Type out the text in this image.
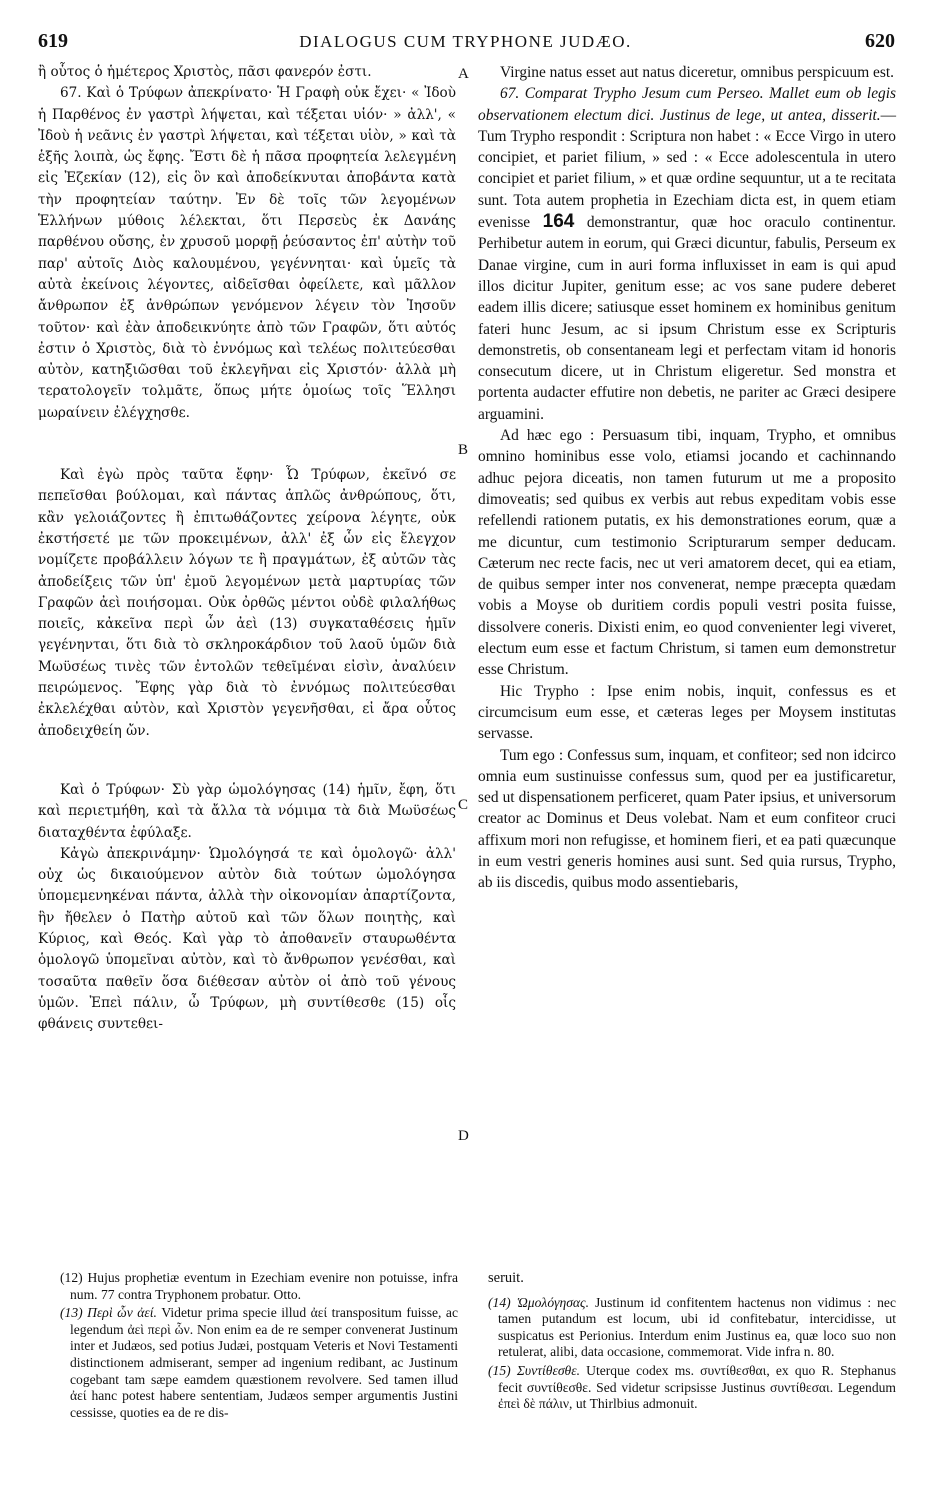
619	DIALOGUS CUM TRYPHONE JUDÆO.	620
A
B
C
D

ἢ οὗτος ὁ ἡμέτερος Χριστὸς, πᾶσι φανερόν ἐστι.

67. Καὶ ὁ Τρύφων ἀπεκρίνατο· Ἡ Γραφὴ οὐκ ἔχει· « Ἰδοὺ ἡ Παρθένος ἐν γαστρὶ λήψεται, καὶ τέξεται υἱόν· » ἀλλ', « Ἰδοὺ ἡ νεᾶνις ἐν γαστρὶ λήψεται, καὶ τέξεται υἱὸν, » καὶ τὰ ἑξῆς λοιπὰ, ὡς ἔφης. Ἔστι δὲ ἡ πᾶσα προφητεία λελεγμένη εἰς Ἐζεκίαν (12), εἰς ὃν καὶ ἀποδείκνυται ἀποβάντα κατὰ τὴν προφητείαν ταύτην. Ἐν δὲ τοῖς τῶν λεγομένων Ἑλλήνων μύθοις λέλεκται, ὅτι Περσεὺς ἐκ Δανάης παρθένου οὔσης, ἐν χρυσοῦ μορφῇ ῥεύσαντος ἐπ' αὐτὴν τοῦ παρ' αὐτοῖς Διὸς καλουμένου, γεγέννηται· καὶ ὑμεῖς τὰ αὐτὰ ἐκείνοις λέγοντες, αἰδεῖσθαι ὀφείλετε, καὶ μᾶλλον ἄνθρωπον ἐξ ἀνθρώπων γενόμενον λέγειν τὸν Ἰησοῦν τοῦτον· καὶ ἐὰν ἀποδεικνύητε ἀπὸ τῶν Γραφῶν, ὅτι αὐτός ἐστιν ὁ Χριστὸς, διὰ τὸ ἐννόμως καὶ τελέως πολιτεύεσθαι αὐτὸν, κατηξιῶσθαι τοῦ ἐκλεγῆναι εἰς Χριστόν· ἀλλὰ μὴ τερατολογεῖν τολμᾶτε, ὅπως μήτε ὁμοίως τοῖς Ἕλλησι μωραίνειν ἐλέγχησθε.

Καὶ ἐγὼ πρὸς ταῦτα ἔφην· Ὦ Τρύφων, ἐκεῖνό σε πεπεῖσθαι βούλομαι, καὶ πάντας ἁπλῶς ἀνθρώπους, ὅτι, κἂν γελοιάζοντες ἢ ἐπιτωθάζοντες χείρονα λέγητε, οὐκ ἐκστήσετέ με τῶν προκειμένων, ἀλλ' ἐξ ὧν εἰς ἔλεγχον νομίζετε προβάλλειν λόγων τε ἢ πραγμάτων, ἐξ αὐτῶν τὰς ἀποδείξεις τῶν ὑπ' ἐμοῦ λεγομένων μετὰ μαρτυρίας τῶν Γραφῶν ἀεὶ ποιήσομαι. Οὐκ ὀρθῶς μέντοι οὐδὲ φιλαλήθως ποιεῖς, κἀκεῖνα περὶ ὧν ἀεὶ (13) συγκαταθέσεις ἡμῖν γεγένηνται, ὅτι διὰ τὸ σκληροκάρδιον τοῦ λαοῦ ὑμῶν διὰ Μωϋσέως τινὲς τῶν ἐντολῶν τεθεῖμέναι εἰσὶν, ἀναλύειν πειρώμενος. Ἔφης γὰρ διὰ τὸ ἐννόμως πολιτεύεσθαι ἐκλελέχθαι αὐτὸν, καὶ Χριστὸν γεγενῆσθαι, εἰ ἄρα οὗτος ἀποδειχθείη ὤν.

Καὶ ὁ Τρύφων· Σὺ γὰρ ὡμολόγησας (14) ἡμῖν, ἔφη, ὅτι καὶ περιετμήθη, καὶ τὰ ἄλλα τὰ νόμιμα τὰ διὰ Μωϋσέως διαταχθέντα ἐφύλαξε.

Κἀγὼ ἀπεκρινάμην· Ὡμολόγησά τε καὶ ὁμολογῶ· ἀλλ' οὐχ ὡς δικαιούμενον αὐτὸν διὰ τούτων ὡμολόγησα ὑπομεμενηκέναι πάντα, ἀλλὰ τὴν οἰκονομίαν ἀπαρτίζοντα, ἣν ἤθελεν ὁ Πατὴρ αὐτοῦ καὶ τῶν ὅλων ποιητὴς, καὶ Κύριος, καὶ Θεός. Καὶ γὰρ τὸ ἀποθανεῖν σταυρωθέντα ὁμολογῶ ὑπομεῖναι αὐτὸν, καὶ τὸ ἄνθρωπον γενέσθαι, καὶ τοσαῦτα παθεῖν ὅσα διέθεσαν αὐτὸν οἱ ἀπὸ τοῦ γένους ὑμῶν. Ἐπεὶ πάλιν, ὦ Τρύφων, μὴ συντίθεσθε (15) οἷς φθάνεις συντεθει-

Virgine natus esset aut natus diceretur, omnibus perspicuum est.

67. Comparat Trypho Jesum cum Perseo. Mallet eum ob legis observationem electum dici. Justinus de lege, ut antea, disserit.— Tum Trypho respondit : Scriptura non habet : « Ecce Virgo in utero concipiet, et pariet filium, » sed : « Ecce adolescentula in utero concipiet et pariet filium, » et quæ ordine sequuntur, ut a te recitata sunt. Tota autem prophetia in Ezechiam dicta est, in quem etiam evenisse 164 demonstrantur, quæ hoc oraculo continentur. Perhibetur autem in eorum, qui Græci dicuntur, fabulis, Perseum ex Danae virgine, cum in auri forma influxisset in eam is qui apud illos dicitur Jupiter, genitum esse; ac vos sane pudere deberet eadem illis dicere; satiusque esset hominem ex hominibus genitum fateri hunc Jesum, ac si ipsum Christum esse ex Scripturis demonstretis, ob consentaneam legi et perfectam vitam id honoris consecutum dicere, ut in Christum eligeretur. Sed monstra et portenta audacter effutire non debetis, ne pariter ac Græci desipere arguamini.

Ad hæc ego : Persuasum tibi, inquam, Trypho, et omnibus omnino hominibus esse volo, etiamsi jocando et cachinnando adhuc pejora diceatis, non tamen futurum ut me a proposito dimoveatis; sed quibus ex verbis aut rebus expeditam vobis esse refellendi rationem putatis, ex his demonstrationes eorum, quæ a me dicuntur, cum testimonio Scripturarum semper deducam. Cæterum nec recte facis, nec ut veri amatorem decet, qui ea etiam, de quibus semper inter nos convenerat, nempe præcepta quædam vobis a Moyse ob duritiem cordis populi vestri posita fuisse, dissolvere coneris. Dixisti enim, eo quod convenienter legi viveret, electum eum esse et factum Christum, si tamen eum demonstretur esse Christum.

Hic Trypho : Ipse enim nobis, inquit, confessus es et circumcisum eum esse, et cæteras leges per Moysem institutas servasse.

Tum ego : Confessus sum, inquam, et confiteor; sed non idcirco omnia eum sustinuisse confessus sum, quod per ea justificaretur, sed ut dispensationem perficeret, quam Pater ipsius, et universorum creator ac Dominus et Deus volebat. Nam et eum confiteor cruci affixum mori non refugisse, et hominem fieri, et ea pati quæcunque in eum vestri generis homines ausi sunt. Sed quia rursus, Trypho, ab iis discedis, quibus modo assentiebaris,

(12) Hujus prophetiæ eventum in Ezechiam evenire non potuisse, infra num. 77 contra Tryphonem probatur. Otto.

(13) Περὶ ὧν ἀεί. Videtur prima specie illud ἀεί transpositum fuisse, ac legendum ἀεὶ περὶ ὧν. Non enim ea de re semper convenerat Justinum inter et Judæos, sed potius Judæi, postquam Veteris et Novi Testamenti distinctionem admiserant, semper ad ingenium redibant, ac Justinum cogebant tam sæpe eamdem quæstionem revolvere. Sed tamen illud ἀεί hanc potest habere sententiam, Judæos semper argumentis Justini cessisse, quoties ea de re dis-

seruit.

(14) Ὡμολόγησας. Justinum id confitentem hactenus non vidimus : nec tamen putandum est locum, ubi id confitebatur, intercidisse, ut suspicatus est Perionius. Interdum enim Justinus ea, quæ loco suo non retulerat, alibi, data occasione, commemorat. Vide infra n. 80.

(15) Συντίθεσθε. Uterque codex ms. συντίθεσθαι, ex quo R. Stephanus fecit συντίθεσθε. Sed videtur scripsisse Justinus συντίθεσαι. Legendum ἐπεὶ δὲ πάλιν, ut Thirlbius admonuit.
